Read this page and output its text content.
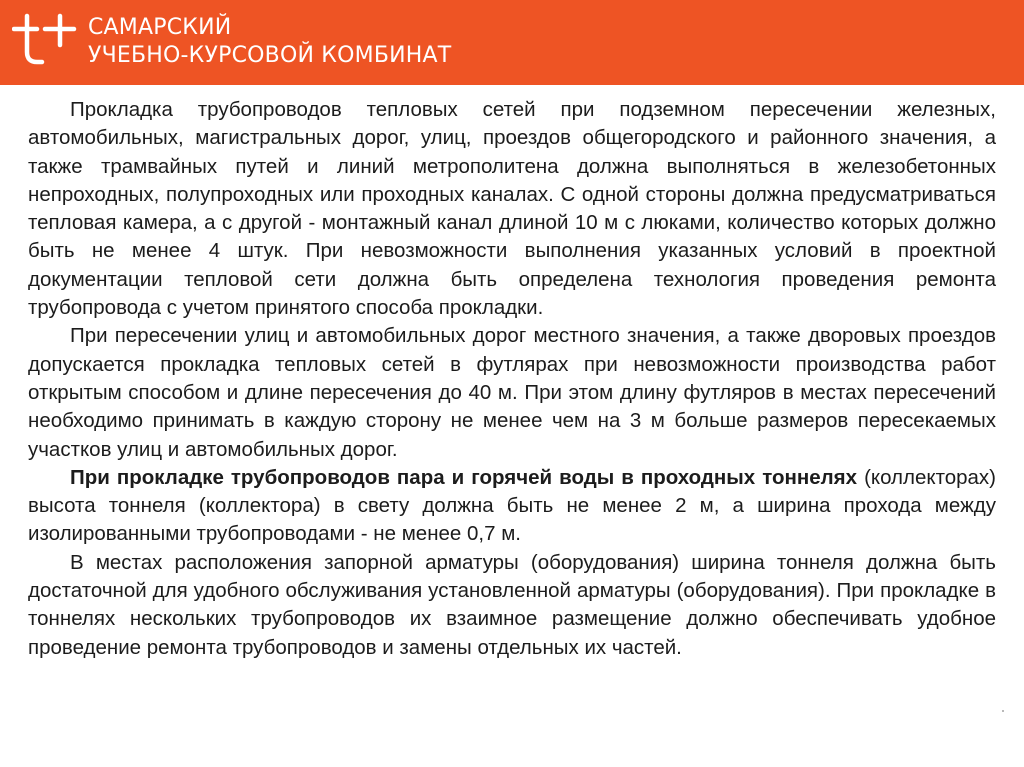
САМАРСКИЙ
УЧЕБНО-КУРСОВОЙ КОМБИНАТ

Прокладка трубопроводов тепловых сетей при подземном пересечении железных, автомобильных, магистральных дорог, улиц, проездов общегородского и районного значения, а также трамвайных путей и линий метрополитена должна выполняться в железобетонных непроходных, полупроходных или проходных каналах. С одной стороны должна предусматриваться тепловая камера, а с другой - монтажный канал длиной 10 м с люками, количество которых должно быть не менее 4 штук. При невозможности выполнения указанных условий в проектной документации тепловой сети должна быть определена технология проведения ремонта трубопровода с учетом принятого способа прокладки.

При пересечении улиц и автомобильных дорог местного значения, а также дворовых проездов допускается прокладка тепловых сетей в футлярах при невозможности производства работ открытым способом и длине пересечения до 40 м. При этом длину футляров в местах пересечений необходимо принимать в каждую сторону не менее чем на 3 м больше размеров пересекаемых участков улиц и автомобильных дорог.

При прокладке трубопроводов пара и горячей воды в проходных тоннелях (коллекторах) высота тоннеля (коллектора) в свету должна быть не менее 2 м, а ширина прохода между изолированными трубопроводами - не менее 0,7 м.

В местах расположения запорной арматуры (оборудования) ширина тоннеля должна быть достаточной для удобного обслуживания установленной арматуры (оборудования). При прокладке в тоннелях нескольких трубопроводов их взаимное размещение должно обеспечивать удобное проведение ремонта трубопроводов и замены отдельных их частей.
